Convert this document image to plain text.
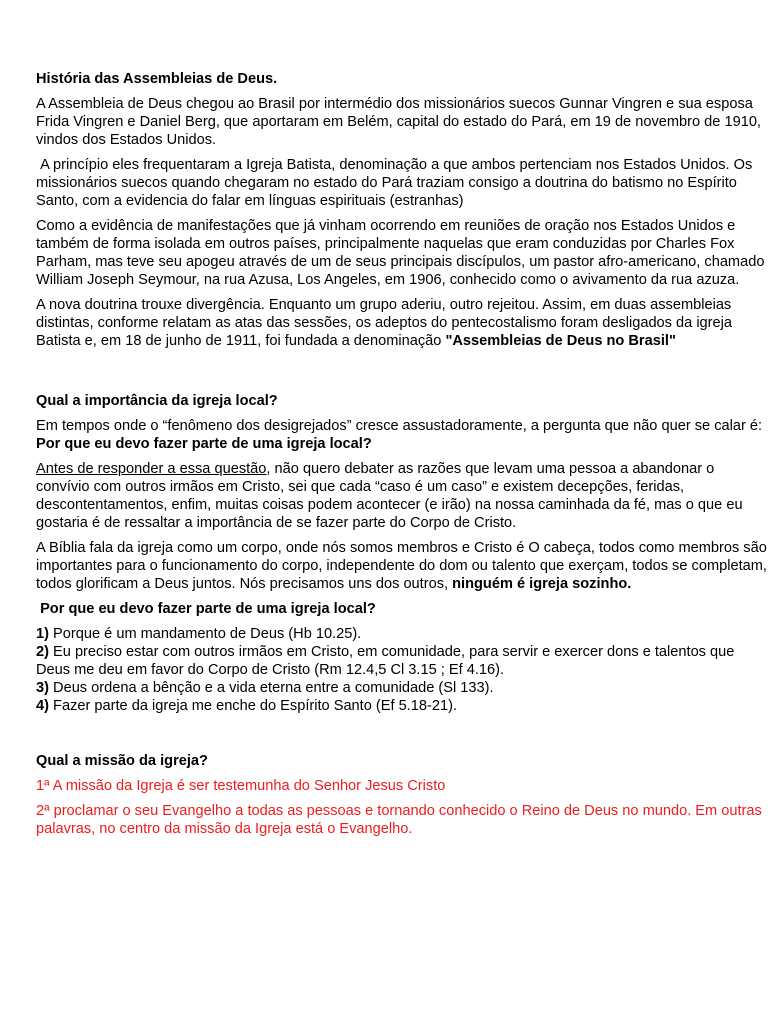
História das Assembleias de Deus.

A Assembleia de Deus chegou ao Brasil por intermédio dos missionários suecos Gunnar Vingren e sua esposa Frida Vingren e Daniel Berg, que aportaram em Belém, capital do estado do Pará, em 19 de novembro de 1910, vindos dos Estados Unidos.

A princípio eles frequentaram a Igreja Batista, denominação a que ambos pertenciam nos Estados Unidos. Os missionários suecos quando chegaram no estado do Pará traziam consigo a doutrina do batismo no Espírito Santo, com a evidencia do falar em línguas espirituais (estranhas)

Como a evidência de manifestações que já vinham ocorrendo em reuniões de oração nos Estados Unidos e também de forma isolada em outros países, principalmente naquelas que eram conduzidas por Charles Fox Parham, mas teve seu apogeu através de um de seus principais discípulos, um pastor afro-americano, chamado William Joseph Seymour, na rua Azusa, Los Angeles, em 1906, conhecido como o avivamento da rua azuza.

A nova doutrina trouxe divergência. Enquanto um grupo aderiu, outro rejeitou. Assim, em duas assembleias distintas, conforme relatam as atas das sessões, os adeptos do pentecostalismo foram desligados da igreja Batista e, em 18 de junho de 1911, foi fundada a denominação "Assembleias de Deus no Brasil"

Qual a importância da igreja local?

Em tempos onde o “fenômeno dos desigrejados” cresce assustadoramente, a pergunta que não quer se calar é: Por que eu devo fazer parte de uma igreja local?

Antes de responder a essa questão, não quero debater as razões que levam uma pessoa a abandonar o convívio com outros irmãos em Cristo, sei que cada “caso é um caso” e existem decepções, feridas, descontentamentos, enfim, muitas coisas podem acontecer (e irão) na nossa caminhada da fé, mas o que eu gostaria é de ressaltar a importância de se fazer parte do Corpo de Cristo.

A Bíblia fala da igreja como um corpo, onde nós somos membros e Cristo é O cabeça, todos como membros são importantes para o funcionamento do corpo, independente do dom ou talento que exerçam, todos se completam, todos glorificam a Deus juntos. Nós precisamos uns dos outros, ninguém é igreja sozinho.

Por que eu devo fazer parte de uma igreja local?

1) Porque é um mandamento de Deus (Hb 10.25).
2) Eu preciso estar com outros irmãos em Cristo, em comunidade, para servir e exercer dons e talentos que Deus me deu em favor do Corpo de Cristo (Rm 12.4,5 Cl 3.15 ; Ef 4.16).
3) Deus ordena a bênção e a vida eterna entre a comunidade (Sl 133).
4) Fazer parte da igreja me enche do Espírito Santo (Ef 5.18-21).

Qual a missão da igreja?

1ª A missão da Igreja é ser testemunha do Senhor Jesus Cristo

2ª proclamar o seu Evangelho a todas as pessoas e tornando conhecido o Reino de Deus no mundo. Em outras palavras, no centro da missão da Igreja está o Evangelho.
